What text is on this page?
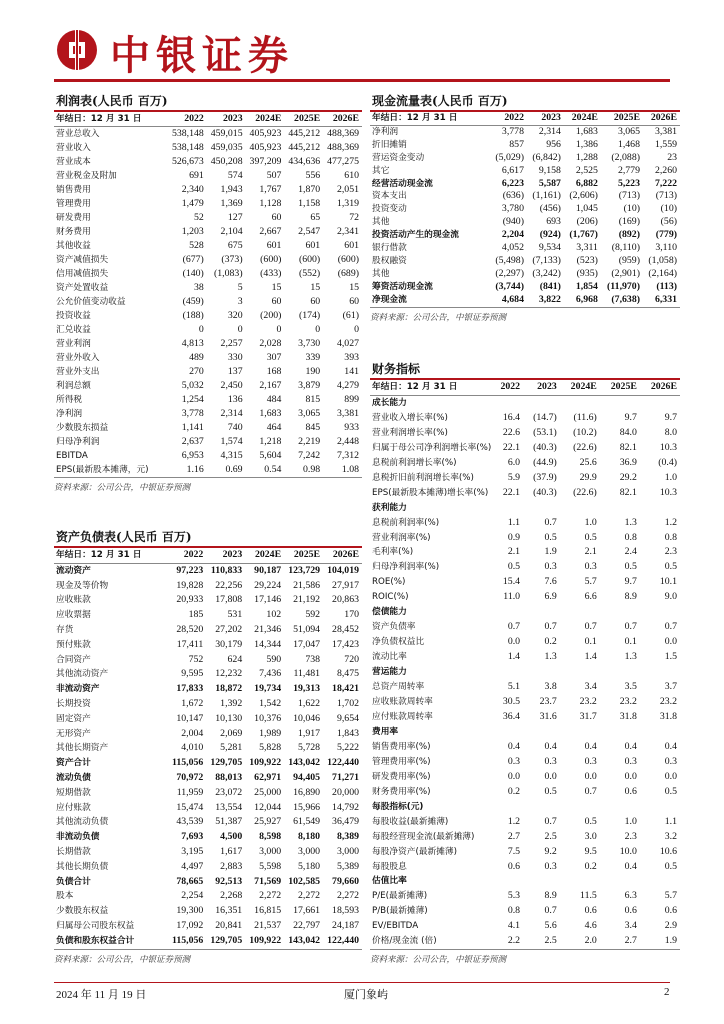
中银证券
利润表(人民币 百万)
年结日：12 月 31 日	2022	2023	2024E	2025E	2026E
营业总收入	538,148	459,015	405,923	445,212	488,369
营业收入	538,148	459,035	405,923	445,212	488,369
营业成本	526,673	450,208	397,209	434,636	477,275
营业税金及附加	691	574	507	556	610
销售费用	2,340	1,943	1,767	1,870	2,051
管理费用	1,479	1,369	1,128	1,158	1,319
研发费用	52	127	60	65	72
财务费用	1,203	2,104	2,667	2,547	2,341
其他收益	528	675	601	601	601
资产减值损失	(677)	(373)	(600)	(600)	(600)
信用减值损失	(140)	(1,083)	(433)	(552)	(689)
资产处置收益	38	5	15	15	15
公允价值变动收益	(459)	3	60	60	60
投资收益	(188)	320	(200)	(174)	(61)
汇兑收益	0	0	0	0	0
营业利润	4,813	2,257	2,028	3,730	4,027
营业外收入	489	330	307	339	393
营业外支出	270	137	168	190	141
利润总额	5,032	2,450	2,167	3,879	4,279
所得税	1,254	136	484	815	899
净利润	3,778	2,314	1,683	3,065	3,381
少数股东损益	1,141	740	464	845	933
归母净利润	2,637	1,574	1,218	2,219	2,448
EBITDA	6,953	4,315	5,604	7,242	7,312
EPS(最新股本摊薄，元)	1.16	0.69	0.54	0.98	1.08
资料来源：公司公告，中银证券预测
资产负债表(人民币 百万)
年结日：12 月 31 日	2022	2023	2024E	2025E	2026E
流动资产	97,223	110,833	90,187	123,729	104,019
现金及等价物	19,828	22,256	29,224	21,586	27,917
应收账款	20,933	17,808	17,146	21,192	20,863
应收票据	185	531	102	592	170
存货	28,520	27,202	21,346	51,094	28,452
预付账款	17,411	30,179	14,344	17,047	17,423
合同资产	752	624	590	738	720
其他流动资产	9,595	12,232	7,436	11,481	8,475
非流动资产	17,833	18,872	19,734	19,313	18,421
长期投资	1,672	1,392	1,542	1,622	1,702
固定资产	10,147	10,130	10,376	10,046	9,654
无形资产	2,004	2,069	1,989	1,917	1,843
其他长期资产	4,010	5,281	5,828	5,728	5,222
资产合计	115,056	129,705	109,922	143,042	122,440
流动负债	70,972	88,013	62,971	94,405	71,271
短期借款	11,959	23,072	25,000	16,890	20,000
应付账款	15,474	13,554	12,044	15,966	14,792
其他流动负债	43,539	51,387	25,927	61,549	36,479
非流动负债	7,693	4,500	8,598	8,180	8,389
长期借款	3,195	1,617	3,000	3,000	3,000
其他长期负债	4,497	2,883	5,598	5,180	5,389
负债合计	78,665	92,513	71,569	102,585	79,660
股本	2,254	2,268	2,272	2,272	2,272
少数股东权益	19,300	16,351	16,815	17,661	18,593
归属母公司股东权益	17,092	20,841	21,537	22,797	24,187
负债和股东权益合计	115,056	129,705	109,922	143,042	122,440
资料来源：公司公告，中银证券预测
现金流量表(人民币 百万)
年结日：12 月 31 日	2022	2023	2024E	2025E	2026E
净利润	3,778	2,314	1,683	3,065	3,381
折旧摊销	857	956	1,386	1,468	1,559
营运资金变动	(5,029)	(6,842)	1,288	(2,088)	23
其它	6,617	9,158	2,525	2,779	2,260
经营活动现金流	6,223	5,587	6,882	5,223	7,222
资本支出	(636)	(1,161)	(2,606)	(713)	(713)
投资变动	3,780	(456)	1,045	(10)	(10)
其他	(940)	693	(206)	(169)	(56)
投资活动产生的现金流	2,204	(924)	(1,767)	(892)	(779)
银行借款	4,052	9,534	3,311	(8,110)	3,110
股权融资	(5,498)	(7,133)	(523)	(959)	(1,058)
其他	(2,297)	(3,242)	(935)	(2,901)	(2,164)
筹资活动现金流	(3,744)	(841)	1,854	(11,970)	(113)
净现金流	4,684	3,822	6,968	(7,638)	6,331
资料来源：公司公告，中银证券预测
财务指标
年结日：12 月 31 日	2022	2023	2024E	2025E	2026E
成长能力					
营业收入增长率(%)	16.4	(14.7)	(11.6)	9.7	9.7
营业利润增长率(%)	22.6	(53.1)	(10.2)	84.0	8.0
归属于母公司净利润增长率(%)	22.1	(40.3)	(22.6)	82.1	10.3
息税前利润增长率(%)	6.0	(44.9)	25.6	36.9	(0.4)
息税折旧前利润增长率(%)	5.9	(37.9)	29.9	29.2	1.0
EPS(最新股本摊薄)增长率(%)	22.1	(40.3)	(22.6)	82.1	10.3
获利能力					
息税前利润率(%)	1.1	0.7	1.0	1.3	1.2
营业利润率(%)	0.9	0.5	0.5	0.8	0.8
毛利率(%)	2.1	1.9	2.1	2.4	2.3
归母净利润率(%)	0.5	0.3	0.3	0.5	0.5
ROE(%)	15.4	7.6	5.7	9.7	10.1
ROIC(%)	11.0	6.9	6.6	8.9	9.0
偿债能力					
资产负债率	0.7	0.7	0.7	0.7	0.7
净负债权益比	0.0	0.2	0.1	0.1	0.0
流动比率	1.4	1.3	1.4	1.3	1.5
营运能力					
总资产周转率	5.1	3.8	3.4	3.5	3.7
应收账款周转率	30.5	23.7	23.2	23.2	23.2
应付账款周转率	36.4	31.6	31.7	31.8	31.8
费用率					
销售费用率(%)	0.4	0.4	0.4	0.4	0.4
管理费用率(%)	0.3	0.3	0.3	0.3	0.3
研发费用率(%)	0.0	0.0	0.0	0.0	0.0
财务费用率(%)	0.2	0.5	0.7	0.6	0.5
每股指标(元)					
每股收益(最新摊薄)	1.2	0.7	0.5	1.0	1.1
每股经营现金流(最新摊薄)	2.7	2.5	3.0	2.3	3.2
每股净资产(最新摊薄)	7.5	9.2	9.5	10.0	10.6
每股股息	0.6	0.3	0.2	0.4	0.5
估值比率					
P/E(最新摊薄)	5.3	8.9	11.5	6.3	5.7
P/B(最新摊薄)	0.8	0.7	0.6	0.6	0.6
EV/EBITDA	4.1	5.6	4.6	3.4	2.9
价格/现金流 (倍)	2.2	2.5	2.0	2.7	1.9
资料来源：公司公告，中银证券预测
2024 年 11 月 19 日	厦门象屿	2
